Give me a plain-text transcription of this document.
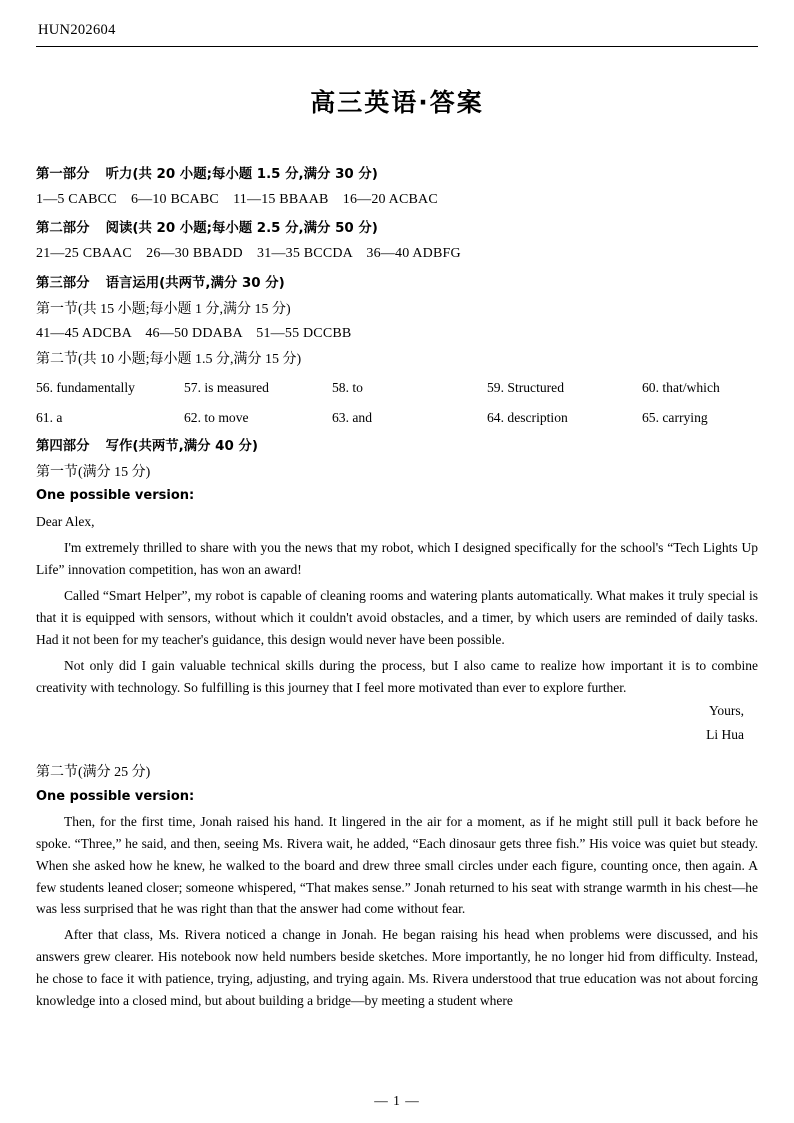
HUN202604
高三英语·答案
第一部分 听力(共 20 小题;每小题 1.5 分,满分 30 分)
1—5 CABCC　6—10 BCABC　11—15 BBAAB　16—20 ACBAC
第二部分 阅读(共 20 小题;每小题 2.5 分,满分 50 分)
21—25 CBAAC　26—30 BBADD　31—35 BCCDA　36—40 ADBFG
第三部分 语言运用(共两节,满分 30 分)
第一节(共 15 小题;每小题 1 分,满分 15 分)
41—45 ADCBA　46—50 DDABA　51—55 DCCBB
第二节(共 10 小题;每小题 1.5 分,满分 15 分)
56. fundamentally	57. is measured	58. to	59. Structured	60. that/which
61. a	62. to move	63. and	64. description	65. carrying
第四部分 写作(共两节,满分 40 分)
第一节(满分 15 分)
One possible version:
Dear Alex,
I'm extremely thrilled to share with you the news that my robot, which I designed specifically for the school's “Tech Lights Up Life” innovation competition, has won an award!
Called “Smart Helper”, my robot is capable of cleaning rooms and watering plants automatically. What makes it truly special is that it is equipped with sensors, without which it couldn't avoid obstacles, and a timer, by which users are reminded of daily tasks. Had it not been for my teacher's guidance, this design would never have been possible.
Not only did I gain valuable technical skills during the process, but I also came to realize how important it is to combine creativity with technology. So fulfilling is this journey that I feel more motivated than ever to explore further.
Yours,
Li Hua
第二节(满分 25 分)
One possible version:
Then, for the first time, Jonah raised his hand. It lingered in the air for a moment, as if he might still pull it back before he spoke. “Three,” he said, and then, seeing Ms. Rivera wait, he added, “Each dinosaur gets three fish.” His voice was quiet but steady. When she asked how he knew, he walked to the board and drew three small circles under each figure, counting once, then again. A few students leaned closer; someone whispered, “That makes sense.” Jonah returned to his seat with strange warmth in his chest—he was less surprised that he was right than that the answer had come without fear.
After that class, Ms. Rivera noticed a change in Jonah. He began raising his head when problems were discussed, and his answers grew clearer. His notebook now held numbers beside sketches. More importantly, he no longer hid from difficulty. Instead, he chose to face it with patience, trying, adjusting, and trying again. Ms. Rivera understood that true education was not about forcing knowledge into a closed mind, but about building a bridge—by meeting a student where
— 1 —
